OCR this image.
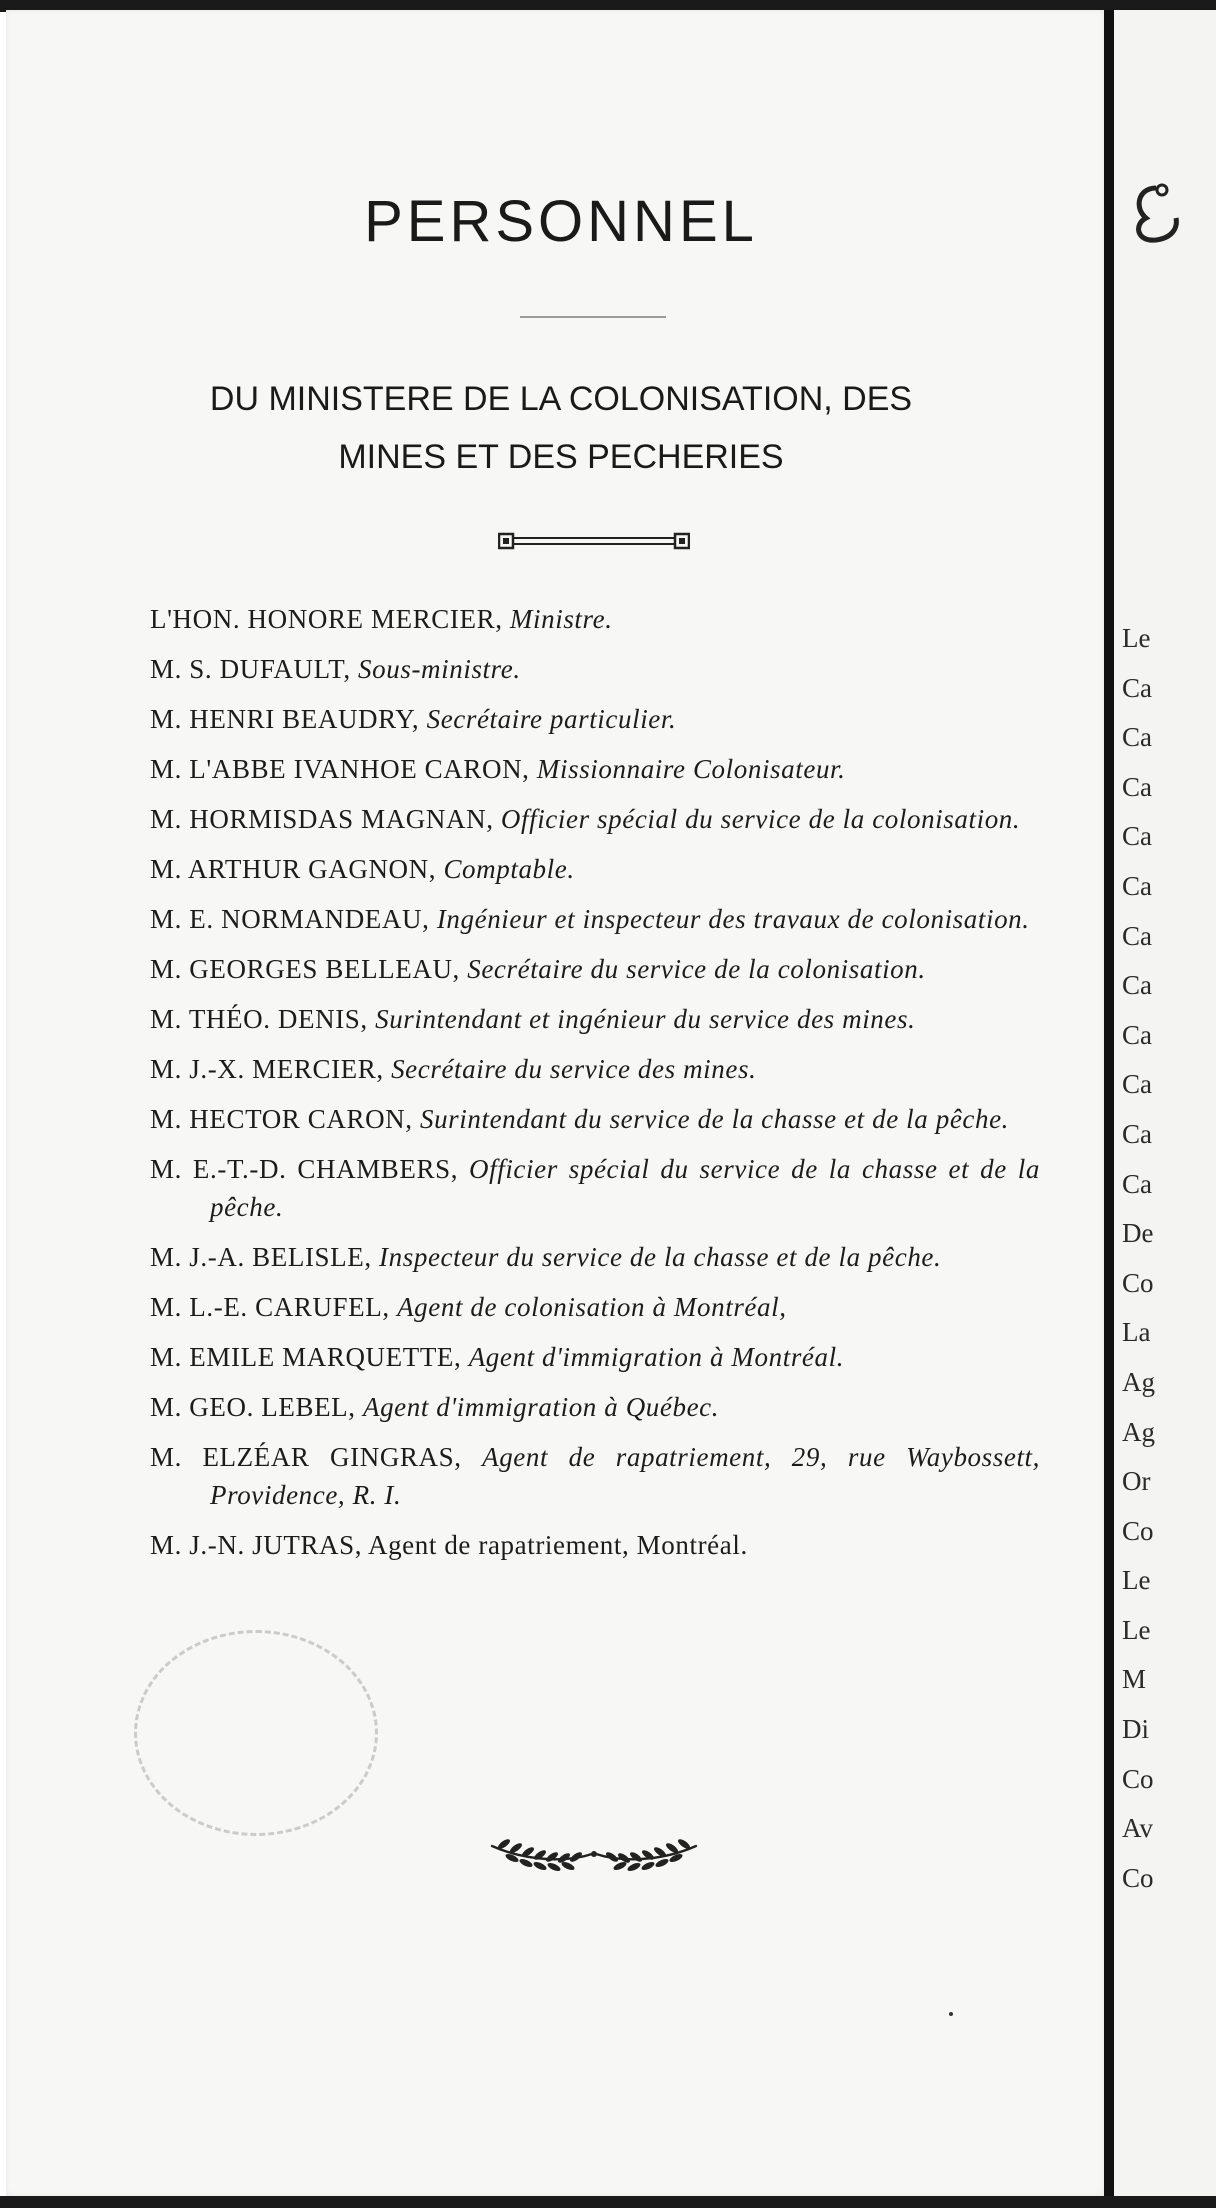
PERSONNEL

DU MINISTERE DE LA COLONISATION, DES
MINES ET DES PECHERIES

L'HON. HONORE MERCIER, Ministre.
M. S. DUFAULT, Sous-ministre.
M. HENRI BEAUDRY, Secrétaire particulier.
M. L'ABBE IVANHOE CARON, Missionnaire Colonisateur.
M. HORMISDAS MAGNAN, Officier spécial du service de la colonisation.
M. ARTHUR GAGNON, Comptable.
M. E. NORMANDEAU, Ingénieur et inspecteur des travaux de colonisation.
M. GEORGES BELLEAU, Secrétaire du service de la colonisation.
M. THÉO. DENIS, Surintendant et ingénieur du service des mines.
M. J.-X. MERCIER, Secrétaire du service des mines.
M. HECTOR CARON, Surintendant du service de la chasse et de la pêche.
M. E.-T.-D. CHAMBERS, Officier spécial du service de la chasse et de la pêche.
M. J.-A. BELISLE, Inspecteur du service de la chasse et de la pêche.
M. L.-E. CARUFEL, Agent de colonisation à Montréal,
M. EMILE MARQUETTE, Agent d'immigration à Montréal.
M. GEO. LEBEL, Agent d'immigration à Québec.
M. ELZÉAR GINGRAS, Agent de rapatriement, 29, rue Waybossett, Providence, R. I.
M. J.-N. JUTRAS, Agent de rapatriement, Montréal.
Le
Ca
Ca
Ca
Ca
Ca
Ca
Ca
Ca
Ca
Ca
Ca
De
Co
La
Ag
Ag
Or
Co
Le
Le
M
Di
Co
Av
Co
